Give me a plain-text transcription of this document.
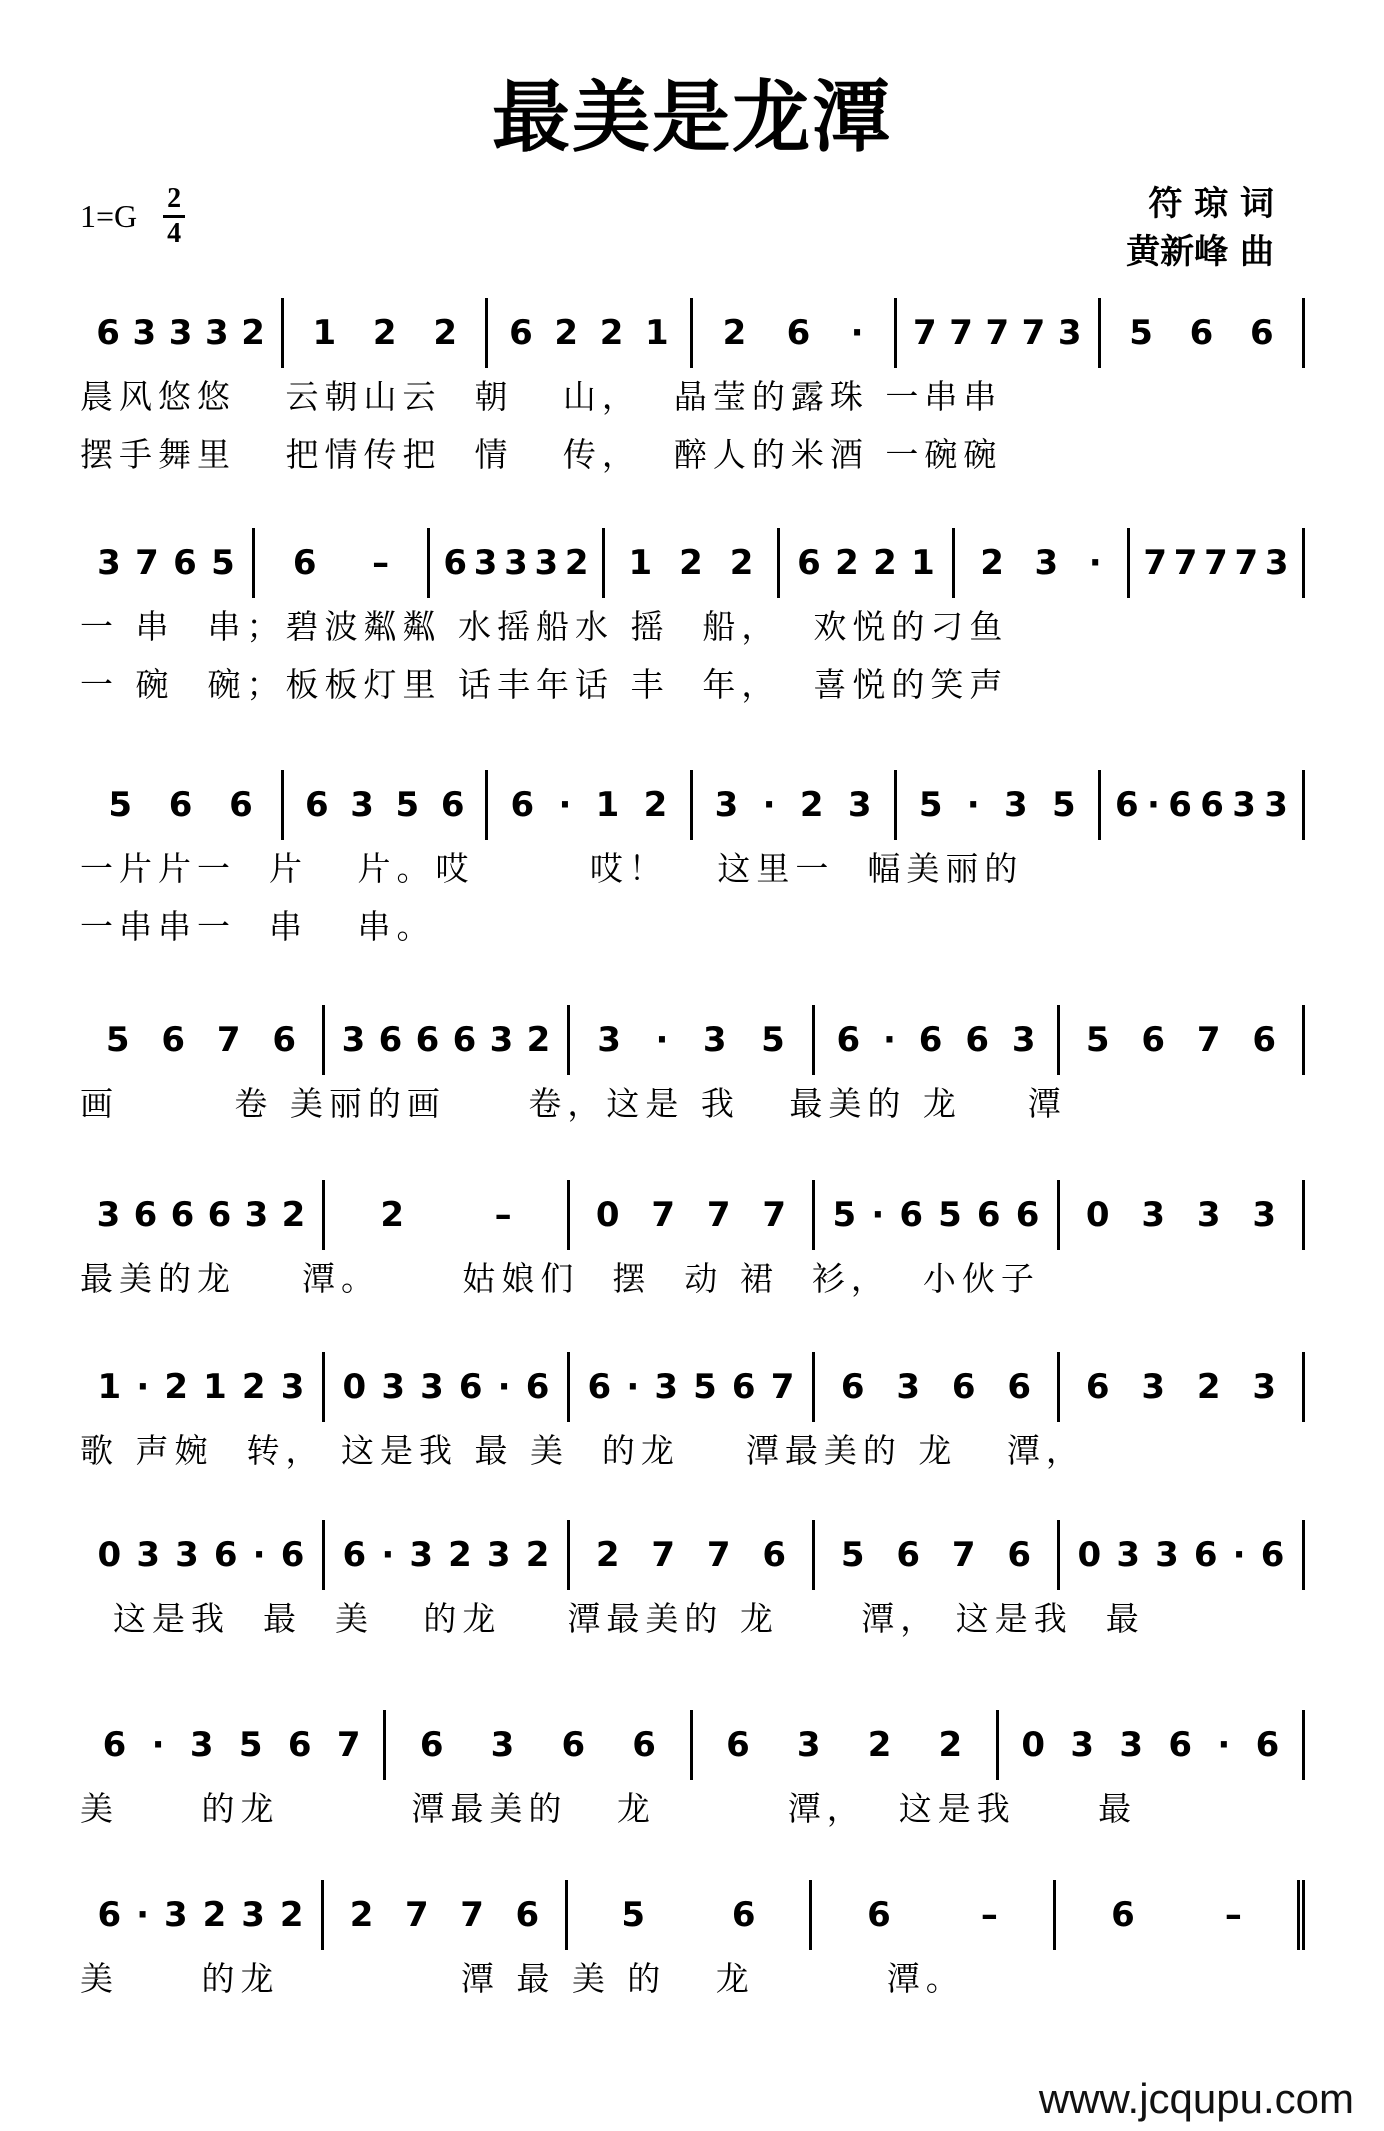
最美是龙潭
$1=G \frac{2}{4}$	符 琼 词
黄新峰 曲
6 3 3 3 2 1 2 2 6 2 2 1 2 6 · 7 7 7 7 3 5 6 6
晨风悠悠   云朝山云  朝   山，  晶莹的露珠 一串串
摆手舞里   把情传把  情   传，  醉人的米酒 一碗碗
3 7 6 5 6 – 6 3 3 3 2 1 2 2 6 2 2 1 2 3 · 7 7 7 7 3
一 串  串；碧波粼粼 水摇船水 摇  船，  欢悦的刁鱼
一 碗  碗；板板灯里 话丰年话 丰  年，  喜悦的笑声
5 6 6 6 3 5 6 6 · 1 2 3 · 2 3 5 · 3 5 6 · 6 6 3 3
一片片一  片   片。哎       哎！   这里一  幅美丽的
一串串一  串   串。
5 6 7 6 3 6 6 6 3 2 3 · 3 5 6 · 6 6 3 5 6 7 6
画       卷 美丽的画     卷，这是 我   最美的 龙    潭
3 6 6 6 3 2 2	– 0 7 7 7 5 · 6 5 6 6 0 3 3 3
最美的龙    潭。     姑娘们  摆  动 裙  衫，  小伙子
1 · 2 1 2 3 0 3 3 6 · 6 6 · 3 5 6 7 6 3 6 6 6 3 2 3
歌 声婉  转， 这是我 最 美  的龙    潭最美的 龙   潭，
0 3 3 6 · 6 6 · 3 2 3 2 2 7 7 6 5 6 7 6 0 3 3 6 · 6
这是我  最  美   的龙    潭最美的 龙     潭， 这是我  最
6 · 3 5 6 7 6 3 6 6 6 3 2 2 0 3 3 6 · 6
美     的龙        潭最美的   龙        潭，  这是我     最
6 · 3 2 3 2 2 7 7 6 5	6	6	–	6	–
美     的龙           潭 最 美 的   龙        潭。
www.jcqupu.com
